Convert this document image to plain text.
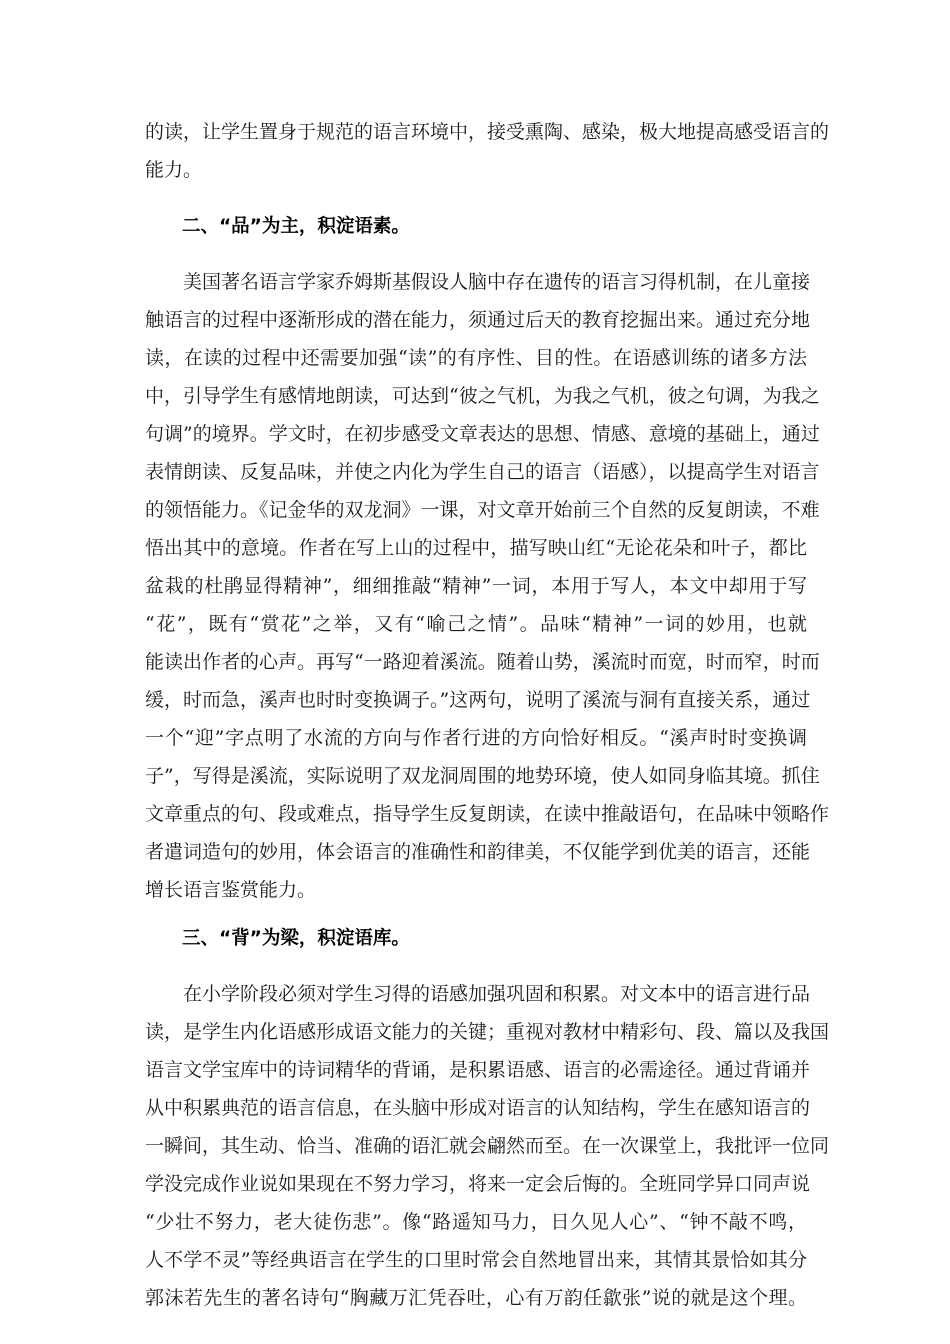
的读，让学生置身于规范的语言环境中，接受熏陶、感染，极大地提高感受语言的
能力。
二、“品”为主，积淀语素。
　　美国著名语言学家乔姆斯基假设人脑中存在遗传的语言习得机制，在儿童接
触语言的过程中逐渐形成的潜在能力，须通过后天的教育挖掘出来。通过充分地
读，在读的过程中还需要加强“读”的有序性、目的性。在语感训练的诸多方法
中，引导学生有感情地朗读，可达到“彼之气机，为我之气机，彼之句调，为我之
句调”的境界。学文时，在初步感受文章表达的思想、情感、意境的基础上，通过
表情朗读、反复品味，并使之内化为学生自己的语言（语感），以提高学生对语言
的领悟能力。《记金华的双龙洞》一课，对文章开始前三个自然的反复朗读，不难
悟出其中的意境。作者在写上山的过程中，描写映山红“无论花朵和叶子，都比
盆栽的杜鹃显得精神”，细细推敲“精神”一词，本用于写人，本文中却用于写
“花”，既有“赏花”之举，又有“喻己之情”。品味“精神”一词的妙用，也就
能读出作者的心声。再写“一路迎着溪流。随着山势，溪流时而宽，时而窄，时而
缓，时而急，溪声也时时变换调子。”这两句，说明了溪流与洞有直接关系，通过
一个“迎”字点明了水流的方向与作者行进的方向恰好相反。“溪声时时变换调
子”，写得是溪流，实际说明了双龙洞周围的地势环境，使人如同身临其境。抓住
文章重点的句、段或难点，指导学生反复朗读，在读中推敲语句，在品味中领略作
者遣词造句的妙用，体会语言的准确性和韵律美，不仅能学到优美的语言，还能
增长语言鉴赏能力。
三、“背”为梁，积淀语库。
　　在小学阶段必须对学生习得的语感加强巩固和积累。对文本中的语言进行品
读，是学生内化语感形成语文能力的关键；重视对教材中精彩句、段、篇以及我国
语言文学宝库中的诗词精华的背诵，是积累语感、语言的必需途径。通过背诵并
从中积累典范的语言信息，在头脑中形成对语言的认知结构，学生在感知语言的
一瞬间，其生动、恰当、准确的语汇就会翩然而至。在一次课堂上，我批评一位同
学没完成作业说如果现在不努力学习，将来一定会后悔的。全班同学异口同声说
“少壮不努力，老大徒伤悲”。像“路遥知马力，日久见人心”、“钟不敲不鸣，
人不学不灵”等经典语言在学生的口里时常会自然地冒出来，其情其景恰如其分
郭沫若先生的著名诗句“胸藏万汇凭吞吐，心有万韵任歙张”说的就是这个理。
